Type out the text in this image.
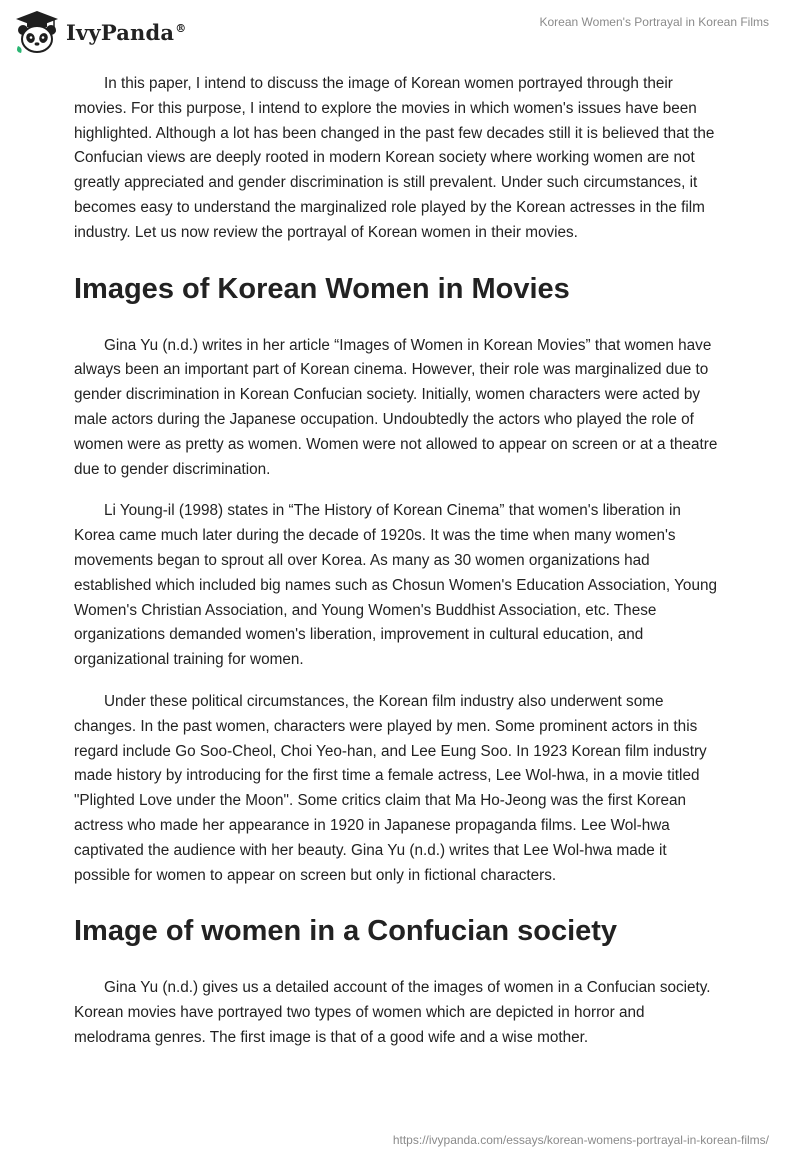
IvyPanda®	Korean Women's Portrayal in Korean Films

In this paper, I intend to discuss the image of Korean women portrayed through their movies. For this purpose, I intend to explore the movies in which women's issues have been highlighted. Although a lot has been changed in the past few decades still it is believed that the Confucian views are deeply rooted in modern Korean society where working women are not greatly appreciated and gender discrimination is still prevalent. Under such circumstances, it becomes easy to understand the marginalized role played by the Korean actresses in the film industry. Let us now review the portrayal of Korean women in their movies.

Images of Korean Women in Movies

Gina Yu (n.d.) writes in her article “Images of Women in Korean Movies” that women have always been an important part of Korean cinema. However, their role was marginalized due to gender discrimination in Korean Confucian society. Initially, women characters were acted by male actors during the Japanese occupation. Undoubtedly the actors who played the role of women were as pretty as women. Women were not allowed to appear on screen or at a theatre due to gender discrimination.

Li Young-il (1998) states in “The History of Korean Cinema” that women's liberation in Korea came much later during the decade of 1920s. It was the time when many women's movements began to sprout all over Korea. As many as 30 women organizations had established which included big names such as Chosun Women's Education Association, Young Women's Christian Association, and Young Women's Buddhist Association, etc. These organizations demanded women's liberation, improvement in cultural education, and organizational training for women.

Under these political circumstances, the Korean film industry also underwent some changes. In the past women, characters were played by men. Some prominent actors in this regard include Go Soo-Cheol, Choi Yeo-han, and Lee Eung Soo. In 1923 Korean film industry made history by introducing for the first time a female actress, Lee Wol-hwa, in a movie titled "Plighted Love under the Moon". Some critics claim that Ma Ho-Jeong was the first Korean actress who made her appearance in 1920 in Japanese propaganda films. Lee Wol-hwa captivated the audience with her beauty. Gina Yu (n.d.) writes that Lee Wol-hwa made it possible for women to appear on screen but only in fictional characters.

Image of women in a Confucian society

Gina Yu (n.d.) gives us a detailed account of the images of women in a Confucian society. Korean movies have portrayed two types of women which are depicted in horror and melodrama genres. The first image is that of a good wife and a wise mother.

https://ivypanda.com/essays/korean-womens-portrayal-in-korean-films/
